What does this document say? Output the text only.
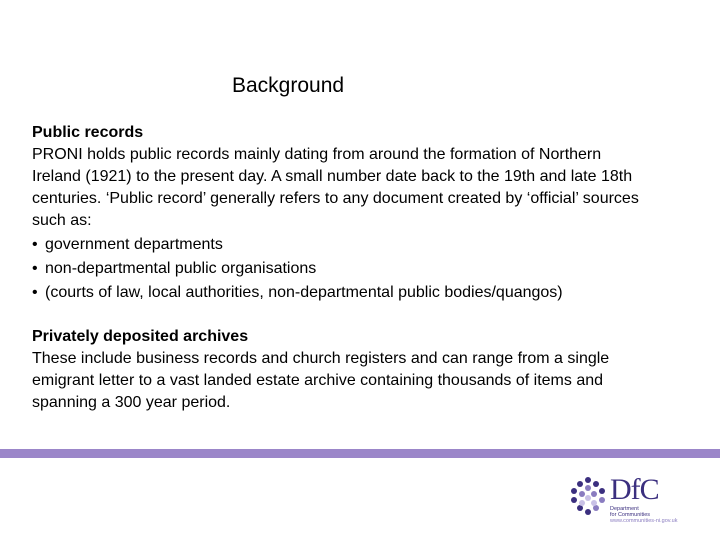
Background

Public records

PRONI holds public records mainly dating from around the formation of Northern Ireland (1921) to the present day. A small number date back to the 19th and late 18th centuries. ‘Public record’ generally refers to any document created by ‘official’ sources such as:

• government departments
• non-departmental public organisations
• (courts of law, local authorities, non-departmental public bodies/quangos)

Privately deposited archives

These include business records and church registers and can range from a single emigrant letter to a vast landed estate archive containing thousands of items and spanning a 300 year period.

DfC
Department
for Communities
www.communities-ni.gov.uk
